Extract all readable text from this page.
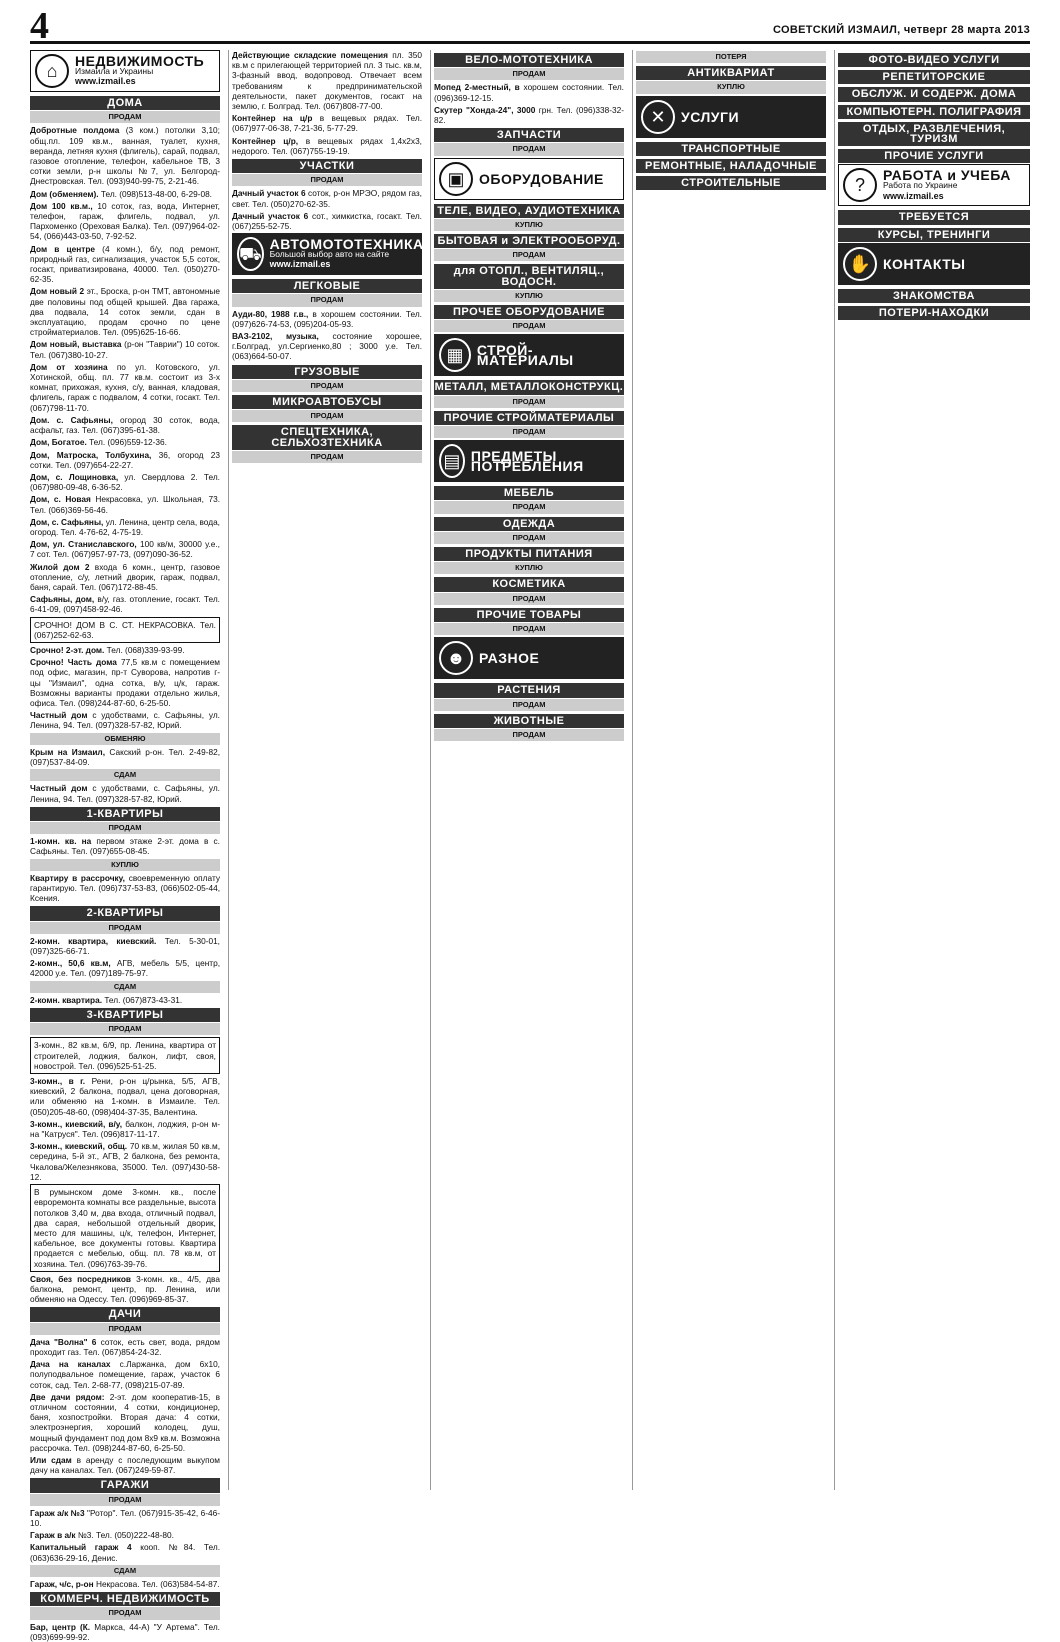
4	СОВЕТСКИЙ ИЗМАИЛ, четверг 28 марта 2013
⌂
НЕДВИЖИМОСТЬ
Измаила и Украины
www.izmail.es
ДОМА
ПРОДАМ

Добротные полдома (3 ком.) потолки 3,10; общ.пл. 109 кв.м., ванная, туалет, кухня, веранда, летняя кухня (флигель), сарай, подвал, газовое отопление, телефон, кабельное ТВ, 3 сотки земли, р-н школы №7, ул. Белгород-Днестровская. Тел. (093)940-99-75, 2-21-46.

Дом (обменяем). Тел. (098)513-48-00, 6-29-08.

Дом 100 кв.м., 10 соток, газ, вода, Интернет, телефон, гараж, флигель, подвал, ул. Пархоменко (Ореховая Балка). Тел. (097)964-02-54, (066)443-03-50, 7-92-52.

Дом в центре (4 комн.), б/у, под ремонт, природный газ, сигнализация, участок 5,5 соток, госакт, приватизирована, 40000. Тел. (050)270-62-35.

Дом новый 2 эт., Броска, р-он ТМТ, автономные две половины под общей крышей. Два гаража, два подвала, 14 соток земли, сдан в эксплуатацию, продам срочно по цене стройматериалов. Тел. (095)625-16-66.

Дом новый, выставка (р-он "Таврии") 10 соток. Тел. (067)380-10-27.

Дом от хозяина по ул. Котовского, ул. Хотинской, общ. пл. 77 кв.м. состоит из 3-х комнат, прихожая, кухня, с/у, ванная, кладовая, флигель, гараж с подвалом, 4 сотки, госакт. Тел. (067)798-11-70.

Дом. с. Сафьяны, огород 30 соток, вода, асфальт, газ. Тел. (067)395-61-38.

Дом, Богатое. Тел. (096)559-12-36.

Дом, Матроска, Толбухина, 36, огород 23 сотки. Тел. (097)654-22-27.

Дом, с. Лощиновка, ул. Свердлова 2. Тел. (067)980-09-48, 6-36-52.

Дом, с. Новая Некрасовка, ул. Школьная, 73. Тел. (066)369-56-46.

Дом, с. Сафьяны, ул. Ленина, центр села, вода, огород. Тел. 4-76-62, 4-75-19.

Дом, ул. Станиславского, 100 кв/м, 30000 у.е., 7 сот. Тел. (067)957-97-73, (097)090-36-52.

Жилой дом 2 входа 6 комн., центр, газовое отопление, с/у, летний дворик, гараж, подвал, баня, сарай. Тел. (067)172-88-45.

Сафьяны, дом, в/у, газ. отопление, госакт. Тел. 6-41-09, (097)458-92-46.

СРОЧНО! ДОМ В С. СТ. НЕКРАСОВКА. Тел. (067)252-62-63.

Срочно! 2-эт. дом. Тел. (068)339-93-99.

Срочно! Часть дома 77,5 кв.м с помещением под офис, магазин, пр-т Суворова, напротив г-цы "Измаил", одна сотка, в/у, ц/к, гараж. Возможны варианты продажи отдельно жилья, офиса. Тел. (098)244-87-60, 6-25-50.

Частный дом с удобствами, с. Сафьяны, ул. Ленина, 94. Тел. (097)328-57-82, Юрий.

ОБМЕНЯЮ

Крым на Измаил, Сакский р-он. Тел. 2-49-82, (097)537-84-09.

СДАМ

Частный дом с удобствами, с. Сафьяны, ул. Ленина, 94. Тел. (097)328-57-82, Юрий.

1-КВАРТИРЫ
ПРОДАМ

1-комн. кв. на первом этаже 2-эт. дома в с. Сафьяны. Тел. (097)655-08-45.

КУПЛЮ

Квартиру в рассрочку, своевременную оплату гарантирую. Тел. (096)737-53-83, (066)502-05-44, Ксения.

2-КВАРТИРЫ
ПРОДАМ

2-комн. квартира, киевский. Тел. 5-30-01, (097)325-66-71.

2-комн., 50,6 кв.м, АГВ, мебель 5/5, центр, 42000 у.е. Тел. (097)189-75-97.

СДАМ

2-комн. квартира. Тел. (067)873-43-31.

3-КВАРТИРЫ
ПРОДАМ
3-комн., 82 кв.м, 6/9, пр. Ленина, квартира от строителей, лоджия, балкон, лифт, своя, новострой. Тел. (096)525-51-25.

3-комн., в г. Рени, р-он ц/рынка, 5/5, АГВ, киевский, 2 балкона, подвал, цена договорная, или обменяю на 1-комн. в Измаиле. Тел. (050)205-48-60, (098)404-37-35, Валентина.

3-комн., киевский, в/у, балкон, лоджия, р-он м-на "Катруся". Тел. (096)817-11-17.

3-комн., киевский, общ. 70 кв.м, жилая 50 кв.м, середина, 5-й эт., АГВ, 2 балкона, без ремонта, Чкалова/Железнякова, 35000. Тел. (097)430-58-12.

В румынском доме 3-комн. кв., после евроремонта комнаты все раздельные, высота потолков 3,40 м, два входа, отличный подвал, два сарая, небольшой отдельный дворик, место для машины, ц/к, телефон, Интернет, кабельное, все документы готовы. Квартира продается с мебелью, общ. пл. 78 кв.м, от хозяина. Тел. (096)763-39-76.

Своя, без посредников 3-комн. кв., 4/5, два балкона, ремонт, центр, пр. Ленина, или обменяю на Одессу. Тел. (096)969-85-37.

ДАЧИ
ПРОДАМ

Дача "Волна" 6 соток, есть свет, вода, рядом проходит газ. Тел. (067)854-24-32.

Дача на каналах с.Ларжанка, дом 6х10, полуподвальное помещение, гараж, участок 6 соток, сад. Тел. 2-68-77, (098)215-07-89.

Две дачи рядом: 2-эт. дом кооператив-15, в отличном состоянии, 4 сотки, кондиционер, баня, хозпостройки. Вторая дача: 4 сотки, электроэнергия, хороший колодец, душ, мощный фундамент под дом 8х9 кв.м. Возможна рассрочка. Тел. (098)244-87-60, 6-25-50.

Или сдам в аренду с последующим выкупом дачу на каналах. Тел. (067)249-59-87.

ГАРАЖИ
ПРОДАМ

Гараж а/к №3 "Ротор". Тел. (067)915-35-42, 6-46-10.

Гараж в а/к №3. Тел. (050)222-48-80.

Капитальный гараж 4 кооп. №84. Тел. (063)636-29-16, Денис.

СДАМ

Гараж, ч/с, р-он Некрасова. Тел. (063)584-54-87.

КОММЕРЧ. НЕДВИЖИМОСТЬ
ПРОДАМ

Бар, центр (К. Маркса, 44-А) "У Артема". Тел. (093)699-99-92.

Действующие складские помещения пл. 350 кв.м с прилегающей территорией пл. 3 тыс. кв.м, 3-фазный ввод, водопровод. Отвечает всем требованиям к предпринимательской деятельности, пакет документов, госакт на землю, г. Болград. Тел. (067)808-77-00.

Контейнер на ц/р в вещевых рядах. Тел. (067)977-06-38, 7-21-36, 5-77-29.

Контейнер ц/р, в вещевых рядах 1,4х2х3, недорого. Тел. (067)755-19-19.

УЧАСТКИ
ПРОДАМ

Дачный участок 6 соток, р-он МРЭО, рядом газ, свет. Тел. (050)270-62-35.

Дачный участок 6 сот., химкистка, госакт. Тел. (067)255-52-75.

⛟
АВТОМОТОТЕХНИКА
Большой выбор авто на сайте
www.izmail.es
ЛЕГКОВЫЕ
ПРОДАМ

Ауди-80, 1988 г.в., в хорошем состоянии. Тел. (097)626-74-53, (095)204-05-93.

ВАЗ-2102, музыка, состояние хорошее, г.Болград, ул.Сергиенко,80 ; 3000 у.е. Тел. (063)664-50-07.

ГРУЗОВЫЕ
ПРОДАМ
МИКРОАВТОБУСЫ
ПРОДАМ
СПЕЦТЕХНИКА, СЕЛЬХОЗТЕХНИКА
ПРОДАМ
ВЕЛО-МОТОТЕХНИКА
ПРОДАМ

Мопед 2-местный, в хорошем состоянии. Тел. (096)369-12-15.

Скутер "Хонда-24", 3000 грн. Тел. (096)338-32-82.

ЗАПЧАСТИ
ПРОДАМ
▣	ОБОРУДОВАНИЕ
ТЕЛЕ, ВИДЕО, АУДИОТЕХНИКА
КУПЛЮ
БЫТОВАЯ и ЭЛЕКТРООБОРУД.
ПРОДАМ
для ОТОПЛ., ВЕНТИЛЯЦ., ВОДОСН.
КУПЛЮ
ПРОЧЕЕ ОБОРУДОВАНИЕ
ПРОДАМ
▦ СТРОЙ-МАТЕРИАЛЫ
МЕТАЛЛ, МЕТАЛЛОКОНСТРУКЦ.
ПРОДАМ
ПРОЧИЕ СТРОЙМАТЕРИАЛЫ
ПРОДАМ
▤ ПРЕДМЕТЫ ПОТРЕБЛЕНИЯ
МЕБЕЛЬ
ПРОДАМ
ОДЕЖДА
ПРОДАМ
ПРОДУКТЫ ПИТАНИЯ
КУПЛЮ
КОСМЕТИКА
ПРОДАМ
ПРОЧИЕ ТОВАРЫ
ПРОДАМ
☻ РАЗНОЕ
РАСТЕНИЯ
ПРОДАМ
ЖИВОТНЫЕ
ПРОДАМ
ПОТЕРЯ
АНТИКВАРИАТ
КУПЛЮ
✕	УСЛУГИ
ТРАНСПОРТНЫЕ
РЕМОНТНЫЕ, НАЛАДОЧНЫЕ
СТРОИТЕЛЬНЫЕ
ФОТО-ВИДЕО УСЛУГИ
РЕПЕТИТОРСКИЕ
ОБСЛУЖ. И СОДЕРЖ. ДОМА
КОМПЬЮТЕРН. ПОЛИГРАФИЯ
ОТДЫХ, РАЗВЛЕЧЕНИЯ, ТУРИЗМ
ПРОЧИЕ УСЛУГИ
?
РАБОТА и УЧЕБА
Работа по Украине
www.izmail.es
ТРЕБУЕТСЯ
КУРСЫ, ТРЕНИНГИ
✋ КОНТАКТЫ
ЗНАКОМСТВА
ПОТЕРИ-НАХОДКИ
